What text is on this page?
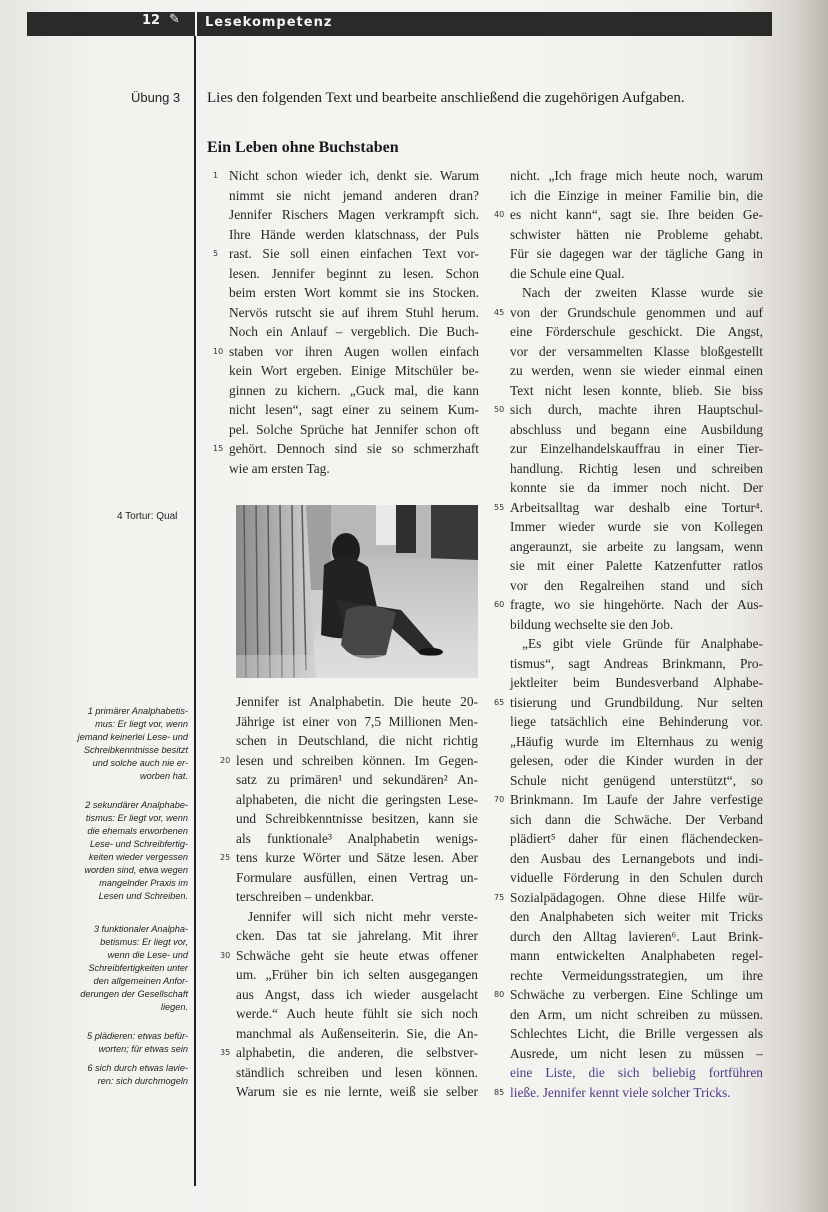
12 ✎ Lesekompetenz
Übung 3 Lies den folgenden Text und bearbeite anschließend die zugehörigen Aufgaben.
Ein Leben ohne Buchstaben
Nicht schon wieder ich, denkt sie. Warum
1
nimmt sie nicht jemand anderen dran?
Jennifer Rischers Magen verkrampft sich.
Ihre Hände werden klatschnass, der Puls
rast. Sie soll einen einfachen Text vor-
5
lesen. Jennifer beginnt zu lesen. Schon
beim ersten Wort kommt sie ins Stocken.
Nervös rutscht sie auf ihrem Stuhl herum.
Noch ein Anlauf – vergeblich. Die Buch-
staben vor ihren Augen wollen einfach
10
kein Wort ergeben. Einige Mitschüler be-
ginnen zu kichern. „Guck mal, die kann
nicht lesen“, sagt einer zu seinem Kum-
pel. Solche Sprüche hat Jennifer schon oft
gehört. Dennoch sind sie so schmerzhaft
15
wie am ersten Tag.
Jennifer ist Analphabetin. Die heute 20-
Jährige ist einer von 7,5 Millionen Men-
schen in Deutschland, die nicht richtig
lesen und schreiben können. Im Gegen-
20
satz zu primären¹ und sekundären² An-
alphabeten, die nicht die geringsten Lese-
und Schreibkenntnisse besitzen, kann sie
als funktionale³ Analphabetin wenigs-
tens kurze Wörter und Sätze lesen. Aber
25
Formulare ausfüllen, einen Vertrag un-
terschreiben – undenkbar.
Jennifer will sich nicht mehr verste-
cken. Das tat sie jahrelang. Mit ihrer
Schwäche geht sie heute etwas offener
30
um. „Früher bin ich selten ausgegangen
aus Angst, dass ich wieder ausgelacht
werde.“ Auch heute fühlt sie sich noch
manchmal als Außenseiterin. Sie, die An-
alphabetin, die anderen, die selbstver-
35
ständlich schreiben und lesen können.
Warum sie es nie lernte, weiß sie selber
nicht. „Ich frage mich heute noch, warum
ich die Einzige in meiner Familie bin, die
es nicht kann“, sagt sie. Ihre beiden Ge-
40
schwister hätten nie Probleme gehabt.
Für sie dagegen war der tägliche Gang in
die Schule eine Qual.
Nach der zweiten Klasse wurde sie
von der Grundschule genommen und auf
45
eine Förderschule geschickt. Die Angst,
vor der versammelten Klasse bloßgestellt
zu werden, wenn sie wieder einmal einen
Text nicht lesen konnte, blieb. Sie biss
sich durch, machte ihren Hauptschul-
50
abschluss und begann eine Ausbildung
zur Einzelhandelskauffrau in einer Tier-
handlung. Richtig lesen und schreiben
konnte sie da immer noch nicht. Der
Arbeitsalltag war deshalb eine Tortur⁴.
55
Immer wieder wurde sie von Kollegen
angeraunzt, sie arbeite zu langsam, wenn
sie mit einer Palette Katzenfutter ratlos
vor den Regalreihen stand und sich
fragte, wo sie hingehörte. Nach der Aus-
60
bildung wechselte sie den Job.
„Es gibt viele Gründe für Analphabe-
tismus“, sagt Andreas Brinkmann, Pro-
jektleiter beim Bundesverband Alphabe-
tisierung und Grundbildung. Nur selten
65
liege tatsächlich eine Behinderung vor.
„Häufig wurde im Elternhaus zu wenig
gelesen, oder die Kinder wurden in der
Schule nicht genügend unterstützt“, so
Brinkmann. Im Laufe der Jahre verfestige
70
sich dann die Schwäche. Der Verband
plädiert⁵ daher für einen flächendecken-
den Ausbau des Lernangebots und indi-
viduelle Förderung in den Schulen durch
Sozialpädagogen. Ohne diese Hilfe wür-
75
den Analphabeten sich weiter mit Tricks
durch den Alltag lavieren⁶. Laut Brink-
mann entwickelten Analphabeten regel-
rechte Vermeidungsstrategien, um ihre
Schwäche zu verbergen. Eine Schlinge um
80
den Arm, um nicht schreiben zu müssen.
Schlechtes Licht, die Brille vergessen als
Ausrede, um nicht lesen zu müssen –
eine Liste, die sich beliebig fortführen
ließe. Jennifer kennt viele solcher Tricks.
85
4 Tortur: Qual
1 primärer Analphabetis-
mus: Er liegt vor, wenn
jemand keinerlei Lese- und
Schreibkenntnisse besitzt
und solche auch nie er-
worben hat.
2 sekundärer Analphabe-
tismus: Er liegt vor, wenn
die ehemals erworbenen
Lese- und Schreibfertig-
keiten wieder vergessen
worden sind, etwa wegen
mangelnder Praxis im
Lesen und Schreiben.
3 funktionaler Analpha-
betismus: Er liegt vor,
wenn die Lese- und
Schreibfertigkeiten unter
den allgemeinen Anfor-
derungen der Gesellschaft
liegen.
5 plädieren: etwas befür-
worten; für etwas sein
6 sich durch etwas lavie-
ren: sich durchmogeln
